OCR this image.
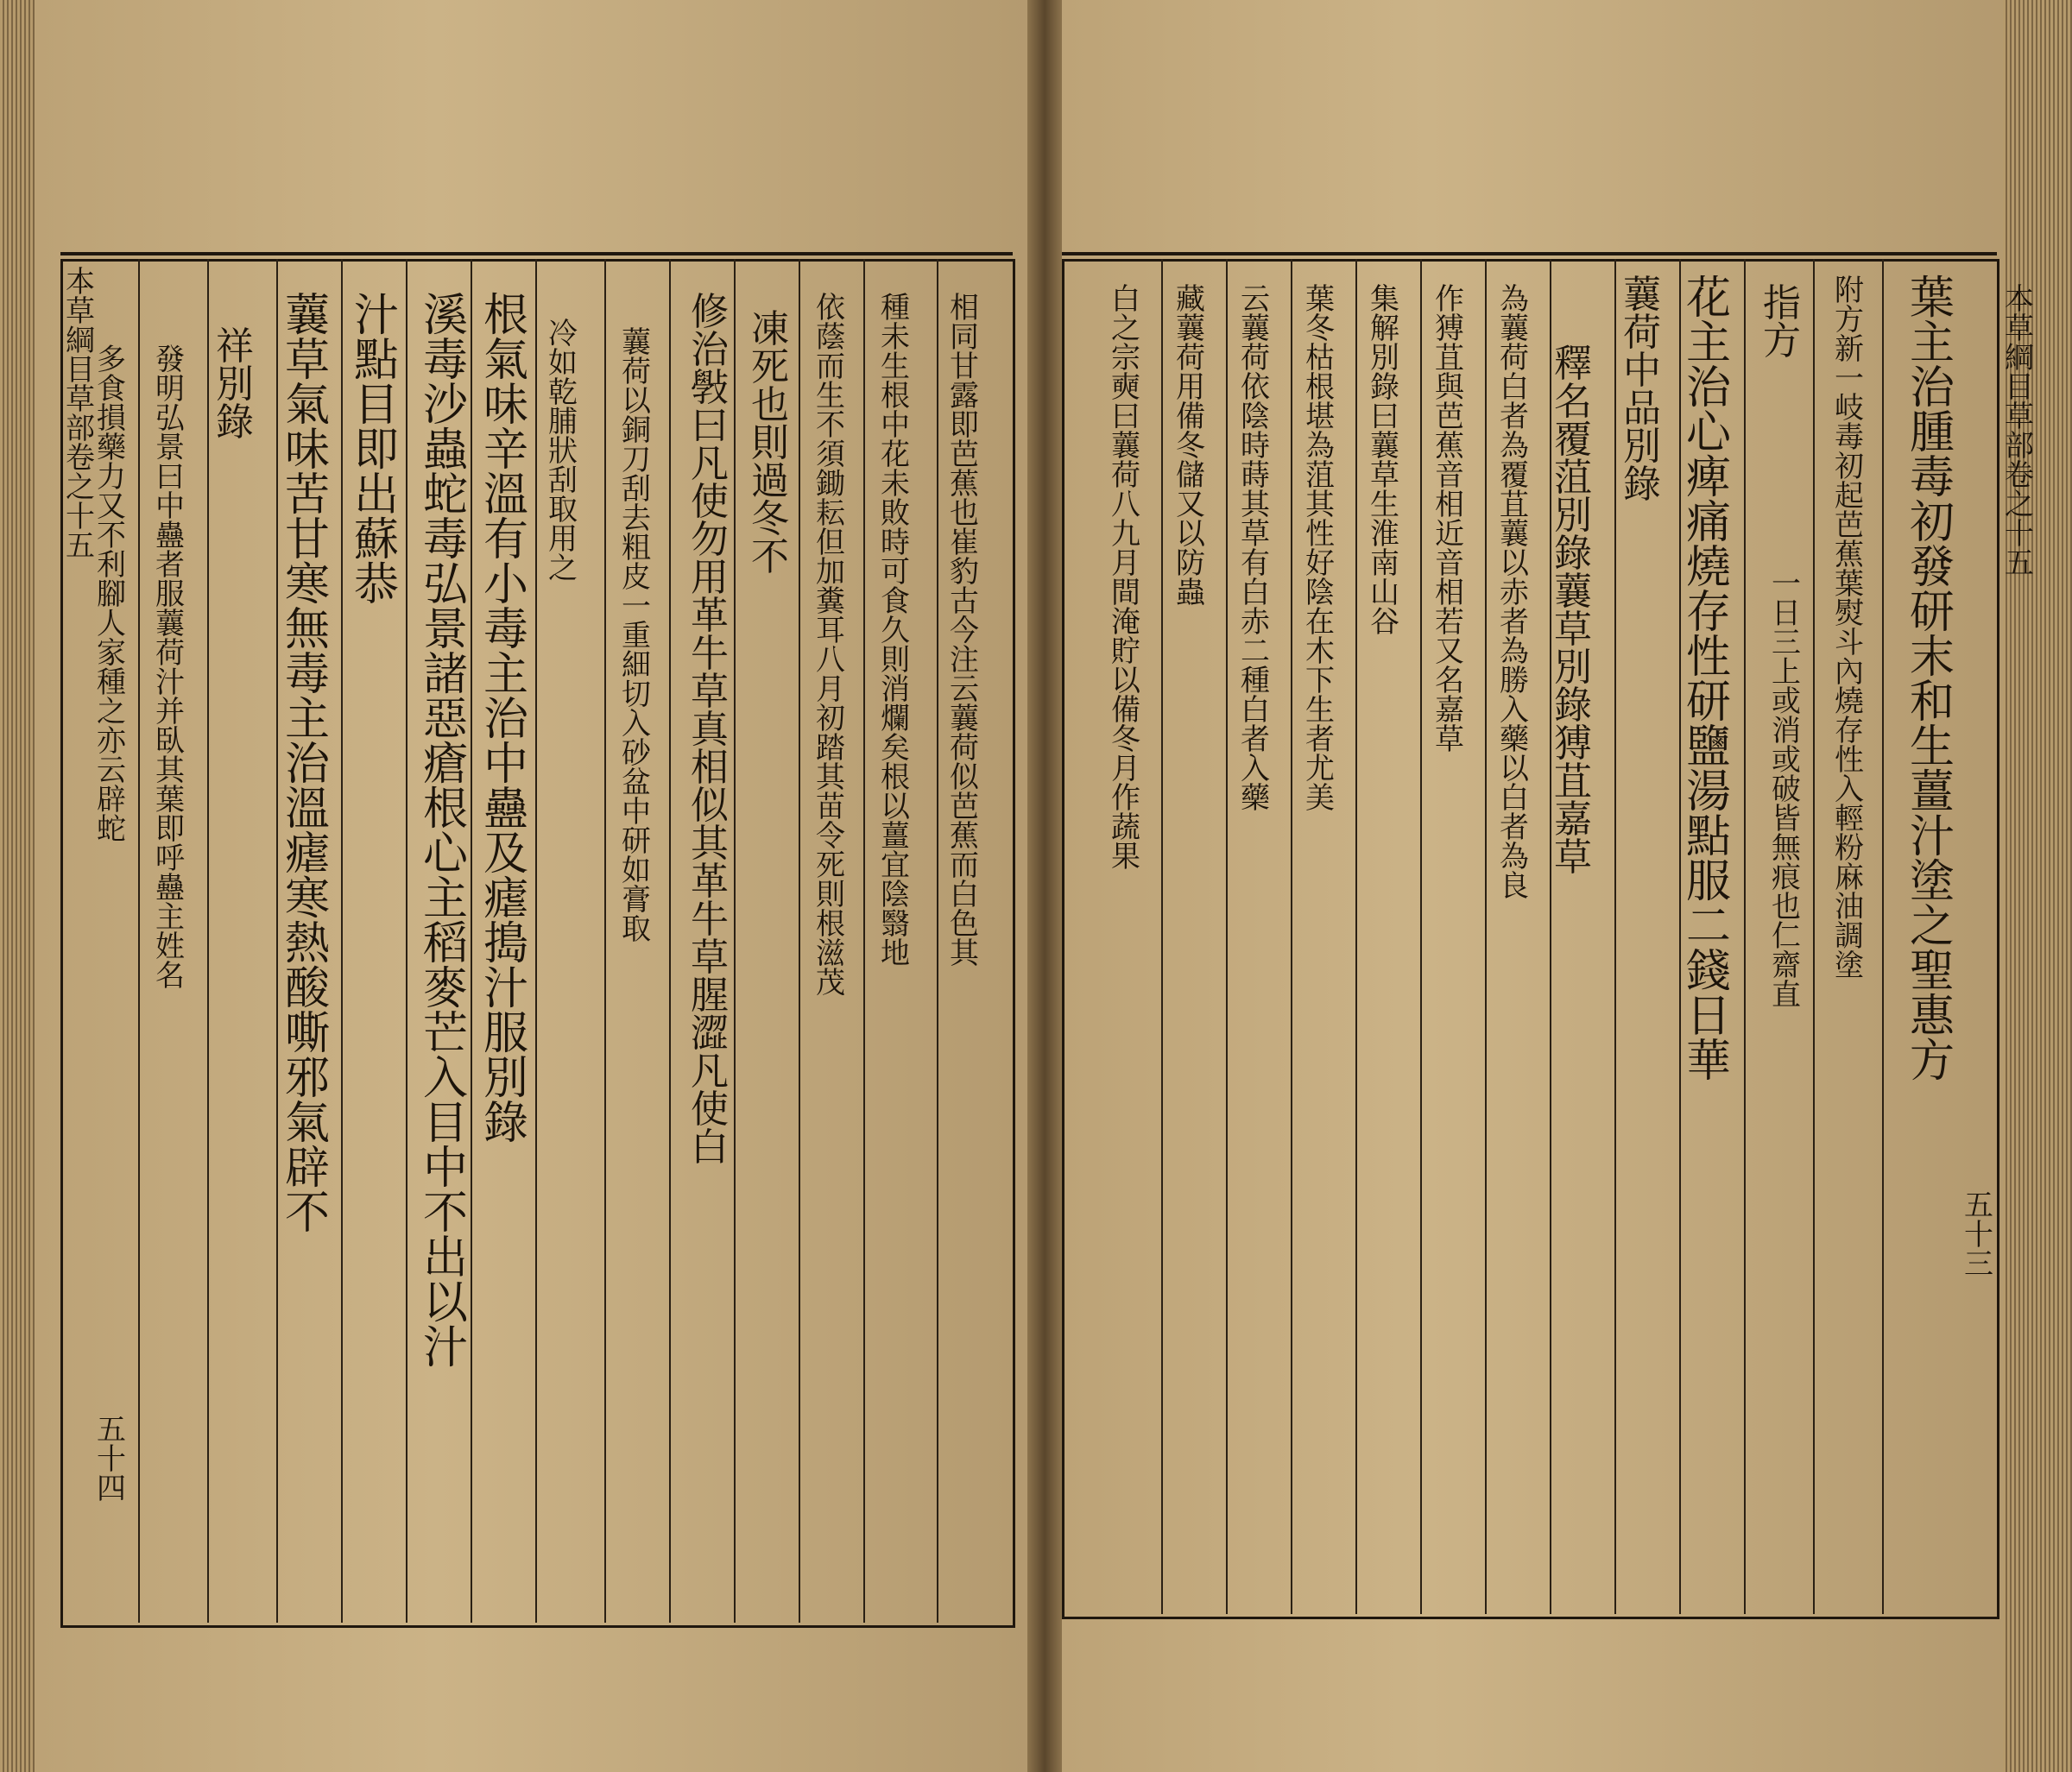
葉
主
治
腫
毒
初
發
研
末
和
生
薑
汁
塗
之
聖
惠
方
附
方
新
一
岐
毒
初
起
芭
蕉
葉
熨
斗
內
燒
存
性
入
輕
粉
麻
油
調
塗
一
日
三
上
或
消
或
破
皆
無
痕
也
仁
齋
直
指
方
花
主
治
心
痺
痛
燒
存
性
研
鹽
湯
點
服
二
錢
日
華
蘘
荷
中
品
別
錄
釋
名
覆
菹
別
錄
蘘
草
別
錄
猼
苴
嘉
草
為
蘘
荷
白
者
為
覆
苴
蘘
以
赤
者
為
勝
入
藥
以
白
者
為
良
作
猼
苴
與
芭
蕉
音
相
近
音
相
若
又
名
嘉
草
集
解
別
錄
曰
蘘
草
生
淮
南
山
谷
葉
冬
枯
根
堪
為
菹
其
性
好
陰
在
木
下
生
者
尤
美
云
蘘
荷
依
陰
時
蒔
其
草
有
白
赤
二
種
白
者
入
藥
藏
蘘
荷
用
備
冬
儲
又
以
防
蟲
白
之
宗
奭
曰
蘘
荷
八
九
月
間
淹
貯
以
備
冬
月
作
蔬
果
汁
點
目
即
出
蘇
恭
蘘
草
氣
味
苦
甘
寒
無
毒
主
治
溫
瘧
寒
熱
酸
嘶
邪
氣
辟
不
祥
別
錄
發
明
弘
景
曰
中
蠱
者
服
蘘
荷
汁
并
臥
其
葉
即
呼
蠱
主
姓
名
多
食
損
藥
力
又
不
利
腳
人
家
種
之
亦
云
辟
蛇
溪
毒
沙
蟲
蛇
毒
弘
景
諸
惡
瘡
根
心
主
稻
麥
芒
入
目
中
不
出
以
汁
根
氣
味
辛
溫
有
小
毒
主
治
中
蠱
及
瘧
搗
汁
服
別
錄
冷
如
乾
脯
狀
刮
取
用
之
修
治
斅
曰
凡
使
勿
用
革
牛
草
真
相
似
其
革
牛
草
腥
澀
凡
使
白
蘘
荷
以
銅
刀
刮
去
粗
皮
一
重
細
切
入
砂
盆
中
研
如
膏
取
凍
死
也
則
過
冬
不
依
蔭
而
生
不
須
鋤
耘
但
加
糞
耳
八
月
初
踏
其
苗
令
死
則
根
滋
茂
種
未
生
根
中
花
未
敗
時
可
食
久
則
消
爛
矣
根
以
薑
宜
陰
翳
地
相
同
甘
露
即
芭
蕉
也
崔
豹
古
今
注
云
蘘
荷
似
芭
蕉
而
白
色
其
本
草
綱
目
草
部
卷
之
十
五
五
十
四
本
草
綱
目
草
部
卷
之
十
五
五
十
三
